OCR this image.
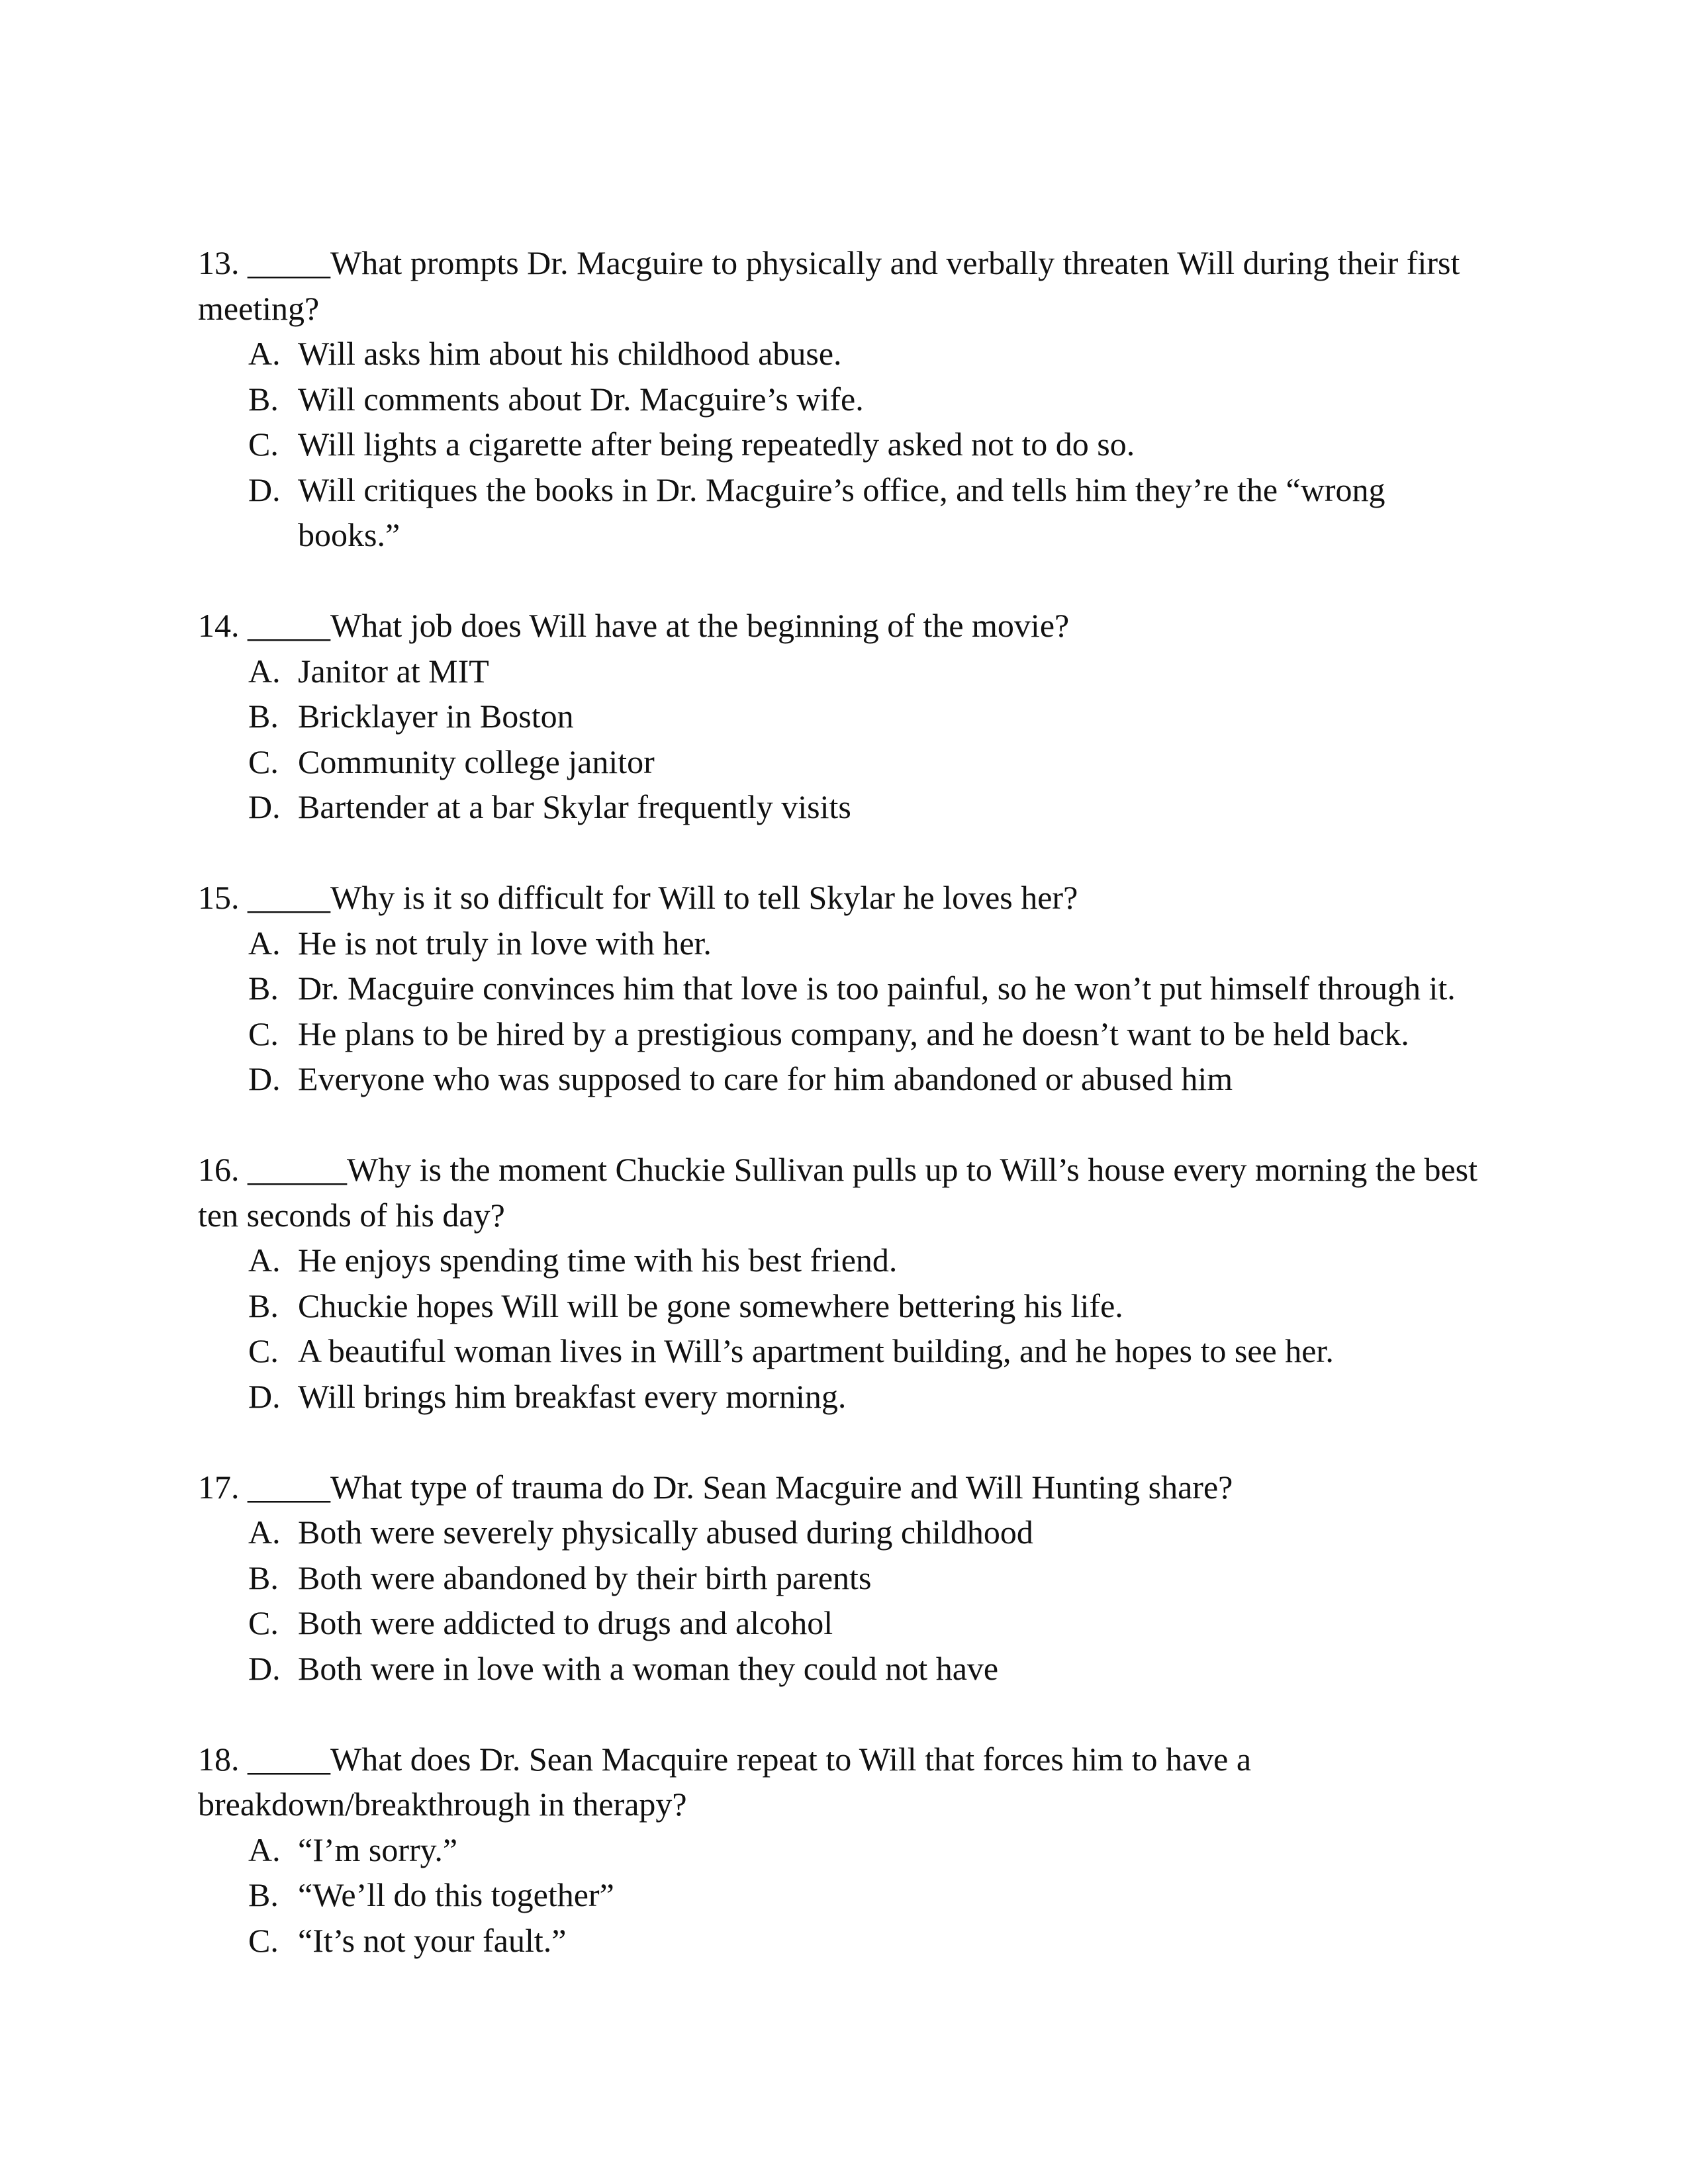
13. _____What prompts Dr. Macguire to physically and verbally threaten Will during their first meeting?

A. Will asks him about his childhood abuse.
B. Will comments about Dr. Macguire’s wife.
C. Will lights a cigarette after being repeatedly asked not to do so.
D. Will critiques the books in Dr. Macguire’s office, and tells him they’re the “wrong books.”

14. _____What job does Will have at the beginning of the movie?

A. Janitor at MIT
B. Bricklayer in Boston
C. Community college janitor
D. Bartender at a bar Skylar frequently visits

15. _____Why is it so difficult for Will to tell Skylar he loves her?

A. He is not truly in love with her.
B. Dr. Macguire convinces him that love is too painful, so he won’t put himself through it.
C. He plans to be hired by a prestigious company, and he doesn’t want to be held back.
D. Everyone who was supposed to care for him abandoned or abused him

16. ______Why is the moment Chuckie Sullivan pulls up to Will’s house every morning the best ten seconds of his day?

A. He enjoys spending time with his best friend.
B. Chuckie hopes Will will be gone somewhere bettering his life.
C. A beautiful woman lives in Will’s apartment building, and he hopes to see her.
D. Will brings him breakfast every morning.

17. _____What type of trauma do Dr. Sean Macguire and Will Hunting share?

A. Both were severely physically abused during childhood
B. Both were abandoned by their birth parents
C. Both were addicted to drugs and alcohol
D. Both were in love with a woman they could not have

18. _____What does Dr. Sean Macquire repeat to Will that forces him to have a breakdown/breakthrough in therapy?

A. “I’m sorry.”
B. “We’ll do this together”
C. “It’s not your fault.”
